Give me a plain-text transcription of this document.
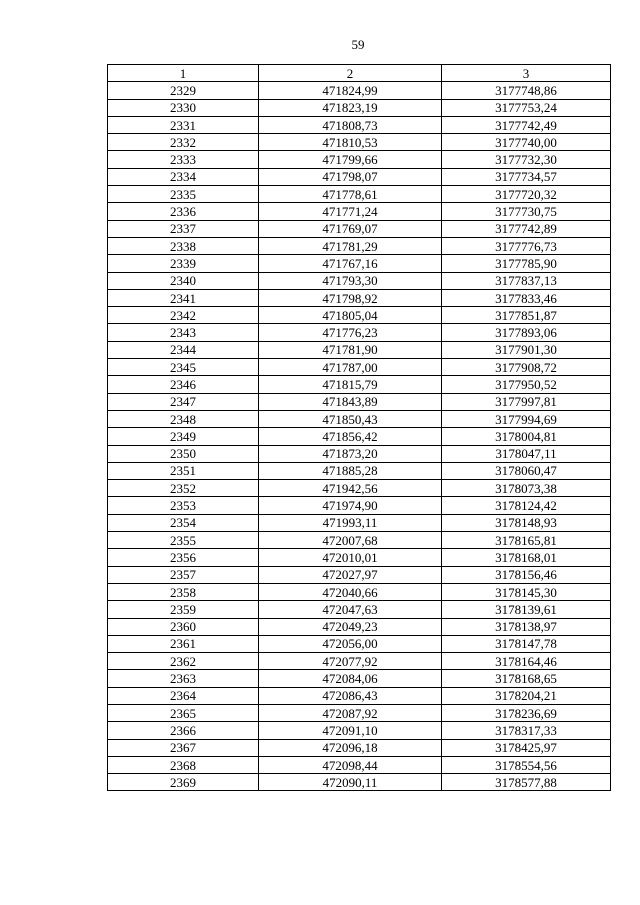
59
1	2	3
2329	471824,99	3177748,86
2330	471823,19	3177753,24
2331	471808,73	3177742,49
2332	471810,53	3177740,00
2333	471799,66	3177732,30
2334	471798,07	3177734,57
2335	471778,61	3177720,32
2336	471771,24	3177730,75
2337	471769,07	3177742,89
2338	471781,29	3177776,73
2339	471767,16	3177785,90
2340	471793,30	3177837,13
2341	471798,92	3177833,46
2342	471805,04	3177851,87
2343	471776,23	3177893,06
2344	471781,90	3177901,30
2345	471787,00	3177908,72
2346	471815,79	3177950,52
2347	471843,89	3177997,81
2348	471850,43	3177994,69
2349	471856,42	3178004,81
2350	471873,20	3178047,11
2351	471885,28	3178060,47
2352	471942,56	3178073,38
2353	471974,90	3178124,42
2354	471993,11	3178148,93
2355	472007,68	3178165,81
2356	472010,01	3178168,01
2357	472027,97	3178156,46
2358	472040,66	3178145,30
2359	472047,63	3178139,61
2360	472049,23	3178138,97
2361	472056,00	3178147,78
2362	472077,92	3178164,46
2363	472084,06	3178168,65
2364	472086,43	3178204,21
2365	472087,92	3178236,69
2366	472091,10	3178317,33
2367	472096,18	3178425,97
2368	472098,44	3178554,56
2369	472090,11	3178577,88
